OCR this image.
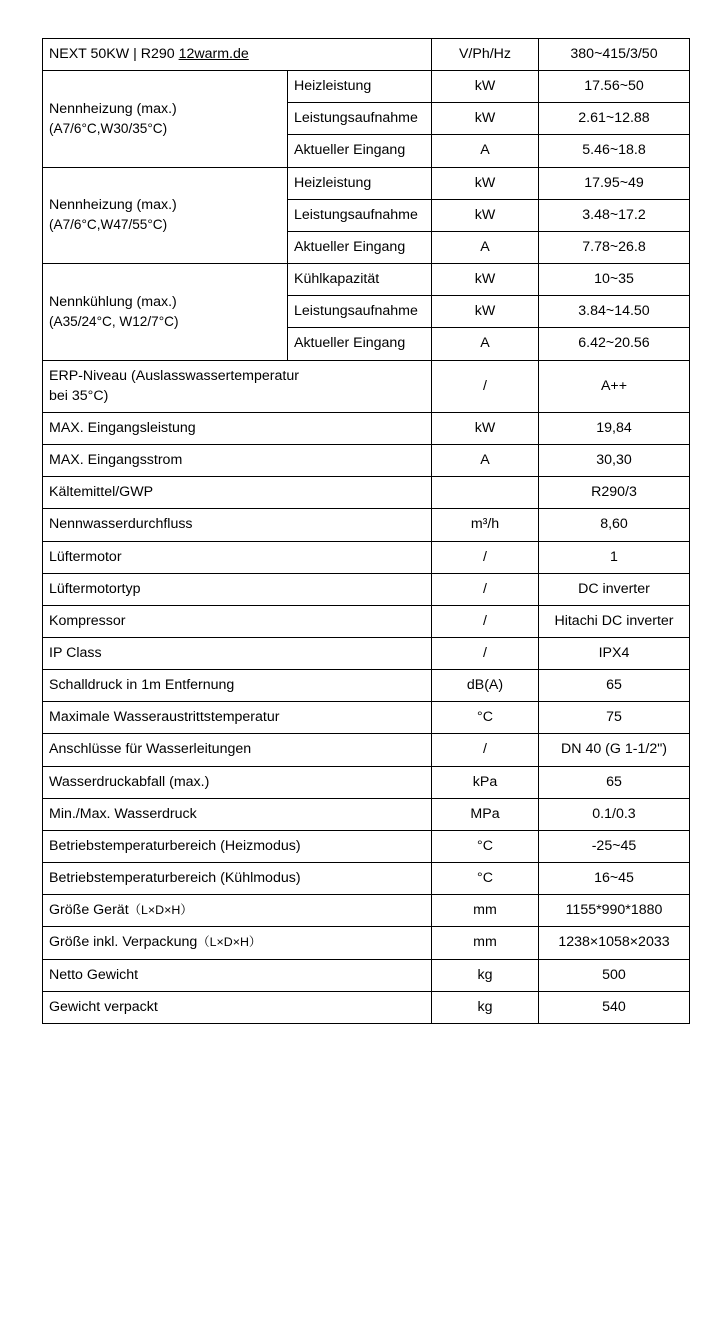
NEXT 50KW | R290 12warm.de		V/Ph/Hz	380~415/3/50

Nennheizung (max.)
(A7/6°C,W30/35°C)	Heizleistung	kW	17.56~50
	Leistungsaufnahme	kW	2.61~12.88
	Aktueller Eingang	A	5.46~18.8

Nennheizung (max.)
(A7/6°C,W47/55°C)	Heizleistung	kW	17.95~49
	Leistungsaufnahme	kW	3.48~17.2
	Aktueller Eingang	A	7.78~26.8

Nennkühlung (max.)
(A35/24°C, W12/7°C)	Kühlkapazität	kW	10~35
	Leistungsaufnahme	kW	3.84~14.50
	Aktueller Eingang	A	6.42~20.56
ERP-Niveau (Auslasswassertemperatur
bei 35°C)		/	A++
MAX. Eingangsleistung		kW	19,84
MAX. Eingangsstrom		A	30,30
Kältemittel/GWP			R290/3
Nennwasserdurchfluss		m³/h	8,60
Lüftermotor		/	1
Lüftermotortyp		/	DC inverter
Kompressor		/	Hitachi DC inverter
IP Class		/	IPX4
Schalldruck in 1m Entfernung		dB(A)	65
Maximale Wasseraustrittstemperatur		°C	75
Anschlüsse für Wasserleitungen		/	DN 40 (G 1-1/2")
Wasserdruckabfall (max.)		kPa	65
Min./Max. Wasserdruck		MPa	0.1/0.3
Betriebstemperaturbereich (Heizmodus)		°C	-25~45
Betriebstemperaturbereich (Kühlmodus)		°C	16~45
Größe Gerät（L×D×H）		mm	1155*990*1880
Größe inkl. Verpackung（L×D×H）		mm	1238×1058×2033
Netto Gewicht		kg	500
Gewicht verpackt		kg	540
